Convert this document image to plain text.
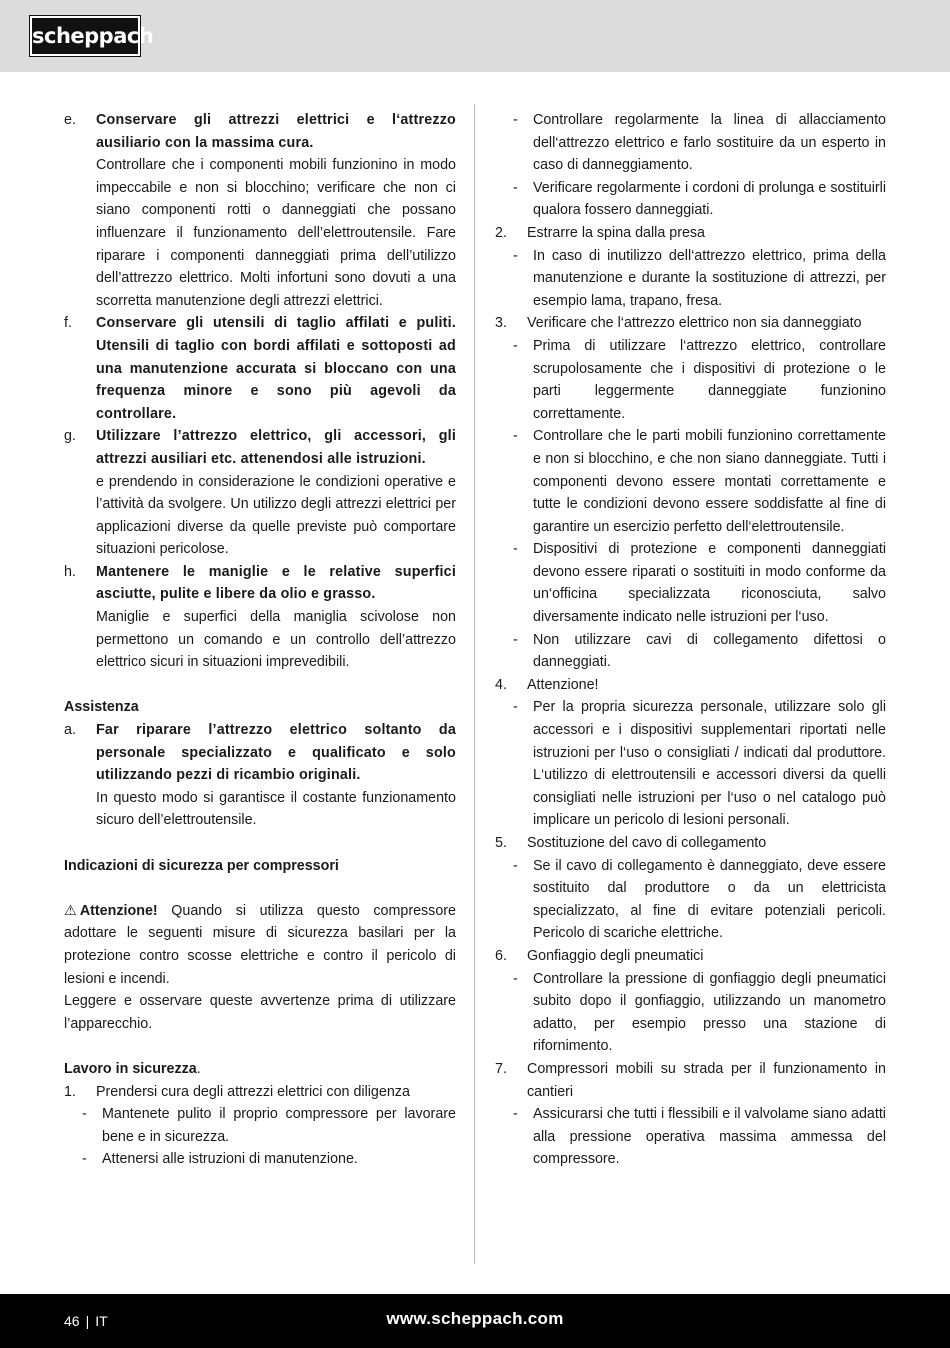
scheppach
e.	Conservare gli attrezzi elettrici e l‘attrezzo ausiliario con la massima cura.

Controllare che i componenti mobili funzionino in modo impeccabile e non si blocchino; verificare che non ci siano componenti rotti o danneggiati che possano influenzare il funzionamento dell’elettroutensile. Fare riparare i componenti danneggiati prima dell’utilizzo dell’attrezzo elettrico. Molti infortuni sono dovuti a una scorretta manutenzione degli attrezzi elettrici.

f.	Conservare gli utensili di taglio affilati e puliti. Utensili di taglio con bordi affilati e sottoposti ad una manutenzione accurata si bloccano con una frequenza minore e sono più agevoli da controllare.

g.	Utilizzare l’attrezzo elettrico, gli accessori, gli attrezzi ausiliari etc. attenendosi alle istruzioni.

e prendendo in considerazione le condizioni operative e l’attività da svolgere. Un utilizzo degli attrezzi elettrici per applicazioni diverse da quelle previste può comportare situazioni pericolose.

h.	Mantenere le maniglie e le relative superfici asciutte, pulite e libere da olio e grasso.

Maniglie e superfici della maniglia scivolose non permettono un comando e un controllo dell’attrezzo elettrico sicuri in situazioni imprevedibili.

Assistenza

a.	Far riparare l’attrezzo elettrico soltanto da personale specializzato e qualificato e solo utilizzando pezzi di ricambio originali.

In questo modo si garantisce il costante funzionamento sicuro dell’elettroutensile.

Indicazioni di sicurezza per compressori

⚠ Attenzione! Quando si utilizza questo compressore adottare le seguenti misure di sicurezza basilari per la protezione contro scosse elettriche e contro il pericolo di lesioni e incendi.

Leggere e osservare queste avvertenze prima di utilizzare l’apparecchio.

Lavoro in sicurezza.

1.	Prendersi cura degli attrezzi elettrici con diligenza

-	Mantenete pulito il proprio compressore per lavorare bene e in sicurezza.

-	Attenersi alle istruzioni di manutenzione.

-	Controllare regolarmente la linea di allacciamento dell‘attrezzo elettrico e farlo sostituire da un esperto in caso di danneggiamento.

-	Verificare regolarmente i cordoni di prolunga e sostituirli qualora fossero danneggiati.

2.	Estrarre la spina dalla presa

-	In caso di inutilizzo dell‘attrezzo elettrico, prima della manutenzione e durante la sostituzione di attrezzi, per esempio lama, trapano, fresa.

3.	Verificare che l‘attrezzo elettrico non sia danneggiato

-	Prima di utilizzare l‘attrezzo elettrico, controllare scrupolosamente che i dispositivi di protezione o le parti leggermente danneggiate funzionino correttamente.

-	Controllare che le parti mobili funzionino correttamente e non si blocchino, e che non siano danneggiate. Tutti i componenti devono essere montati correttamente e tutte le condizioni devono essere soddisfatte al fine di garantire un esercizio perfetto dell‘elettroutensile.

-	Dispositivi di protezione e componenti danneggiati devono essere riparati o sostituiti in modo conforme da un‘officina specializzata riconosciuta, salvo diversamente indicato nelle istruzioni per l‘uso.

-	Non utilizzare cavi di collegamento difettosi o danneggiati.

4.	Attenzione!

-	Per la propria sicurezza personale, utilizzare solo gli accessori e i dispositivi supplementari riportati nelle istruzioni per l‘uso o consigliati / indicati dal produttore. L‘utilizzo di elettroutensili e accessori diversi da quelli consigliati nelle istruzioni per l‘uso o nel catalogo può implicare un pericolo di lesioni personali.

5.	Sostituzione del cavo di collegamento

-	Se il cavo di collegamento è danneggiato, deve essere sostituito dal produttore o da un elettricista specializzato, al fine di evitare potenziali pericoli. Pericolo di scariche elettriche.

6.	Gonfiaggio degli pneumatici

-	Controllare la pressione di gonfiaggio degli pneumatici subito dopo il gonfiaggio, utilizzando un manometro adatto, per esempio presso una stazione di rifornimento.

7.	Compressori mobili su strada per il funzionamento in cantieri

-	Assicurarsi che tutti i flessibili e il valvolame siano adatti alla pressione operativa massima ammessa del compressore.

46 | IT	www.scheppach.com
